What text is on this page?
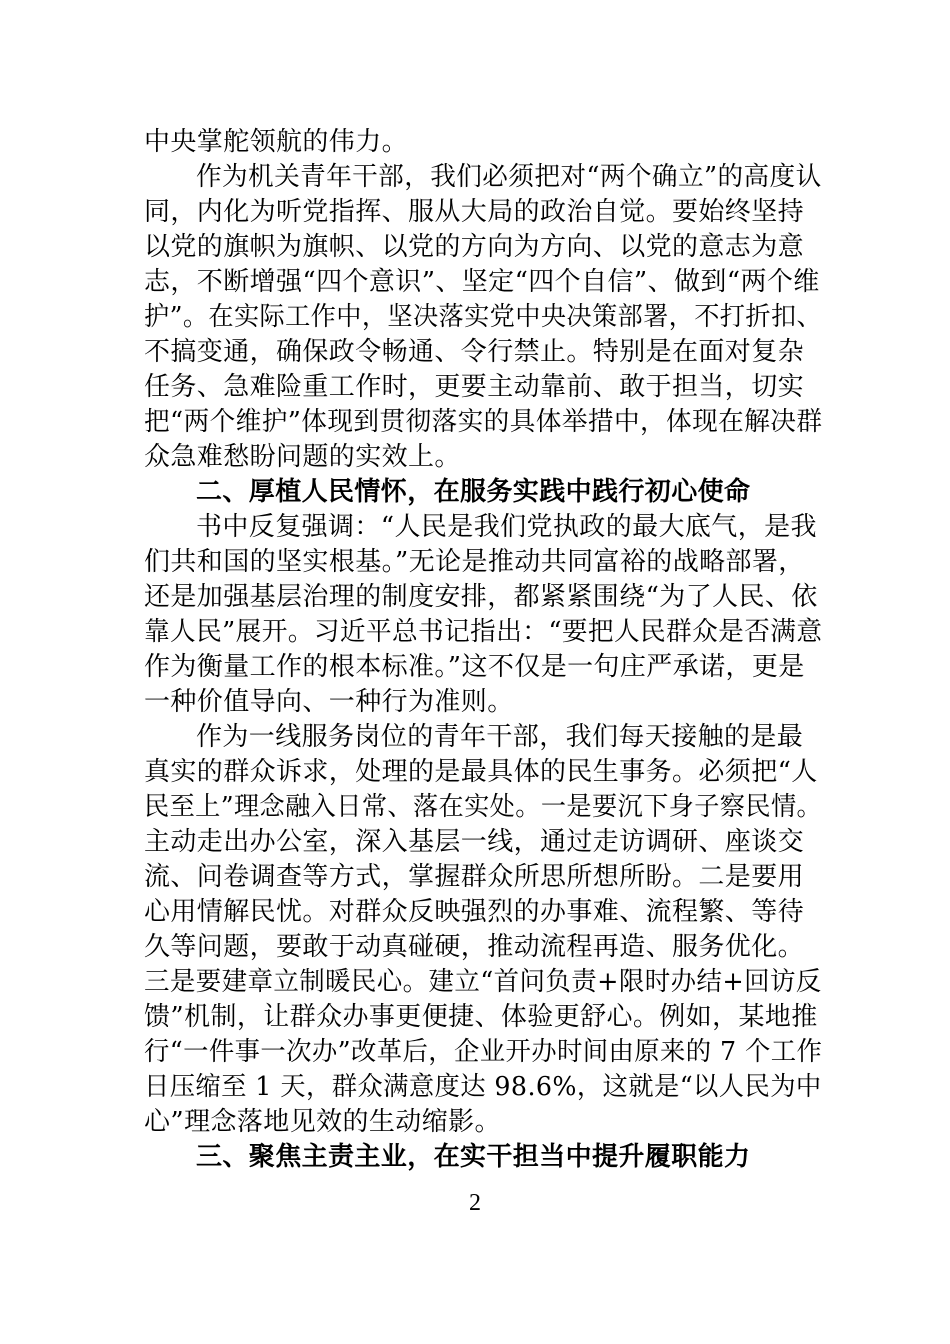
中央掌舵领航的伟力。
作为机关青年干部，我们必须把对“两个确立”的高度认
同，内化为听党指挥、服从大局的政治自觉。要始终坚持
以党的旗帜为旗帜、以党的方向为方向、以党的意志为意
志，不断增强“四个意识”、坚定“四个自信”、做到“两个维
护”。在实际工作中，坚决落实党中央决策部署，不打折扣、
不搞变通，确保政令畅通、令行禁止。特别是在面对复杂
任务、急难险重工作时，更要主动靠前、敢于担当，切实
把“两个维护”体现到贯彻落实的具体举措中，体现在解决群
众急难愁盼问题的实效上。
二、厚植人民情怀，在服务实践中践行初心使命
书中反复强调：“人民是我们党执政的最大底气，是我
们共和国的坚实根基。”无论是推动共同富裕的战略部署，
还是加强基层治理的制度安排，都紧紧围绕“为了人民、依
靠人民”展开。习近平总书记指出：“要把人民群众是否满意
作为衡量工作的根本标准。”这不仅是一句庄严承诺，更是
一种价值导向、一种行为准则。
作为一线服务岗位的青年干部，我们每天接触的是最
真实的群众诉求，处理的是最具体的民生事务。必须把“人
民至上”理念融入日常、落在实处。一是要沉下身子察民情。
主动走出办公室，深入基层一线，通过走访调研、座谈交
流、问卷调查等方式，掌握群众所思所想所盼。二是要用
心用情解民忧。对群众反映强烈的办事难、流程繁、等待
久等问题，要敢于动真碰硬，推动流程再造、服务优化。
三是要建章立制暖民心。建立“首问负责+限时办结+回访反
馈”机制，让群众办事更便捷、体验更舒心。例如，某地推
行“一件事一次办”改革后，企业开办时间由原来的 7 个工作
日压缩至 1 天，群众满意度达 98.6%，这就是“以人民为中
心”理念落地见效的生动缩影。
三、聚焦主责主业，在实干担当中提升履职能力
2
